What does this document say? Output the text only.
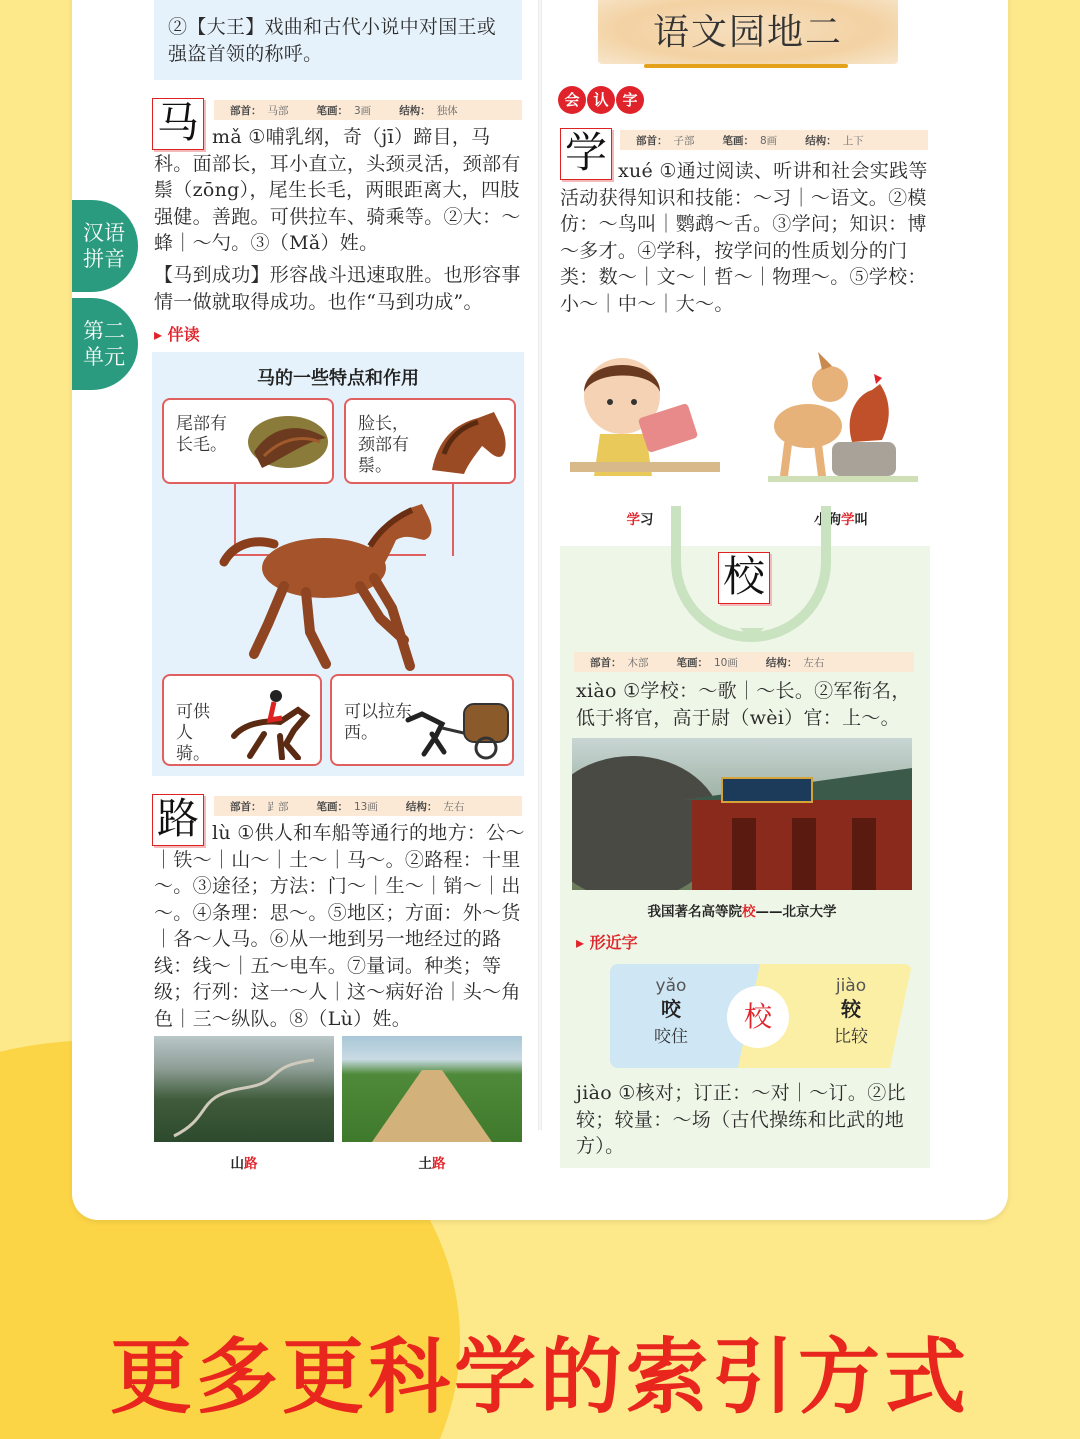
汉语拼音
第二单元
②【大王】戏曲和古代小说中对国王或强盗首领的称呼。
马	部首： 马部	笔画： 3画	结构： 独体
mǎ ①哺乳纲，奇（jī）蹄目，马科。面部长，耳小直立，头颈灵活，颈部有鬃（zōng），尾生长毛，两眼距离大，四肢强健。善跑。可供拉车、骑乘等。②大：～蜂｜～勺。③（Mǎ）姓。
【马到成功】形容战斗迅速取胜。也形容事情一做就取得成功。也作“马到功成”。
▸ 伴读
马的一些特点和作用
尾部有长毛。
脸长，颈部有鬃。
可供人骑。
可以拉东西。
路	部首： 𧾷部	笔画： 13画	结构： 左右
lù ①供人和车船等通行的地方：公～｜铁～｜山～｜土～｜马～。②路程：十里～。③途径；方法：门～｜生～｜销～｜出～。④条理：思～。⑤地区；方面：外～货｜各～人马。⑥从一地到另一地经过的路线：线～｜五～电车。⑦量词。种类；等级；行列：这一～人｜这～病好治｜头～角色｜三～纵队。⑧（Lù）姓。
山路	土路
语文园地二
会 认 字
学	部首： 子部	笔画： 8画	结构： 上下
xué ①通过阅读、听讲和社会实践等活动获得知识和技能：～习｜～语文。②模仿：～鸟叫｜鹦鹉～舌。③学问；知识：博～多才。④学科，按学问的性质划分的门类：数～｜文～｜哲～｜物理～。⑤学校：小～｜中～｜大～。
学习	小狗学叫
校
部首： 木部	笔画： 10画	结构： 左右
xiào ①学校：～歌｜～长。②军衔名，低于将官，高于尉（wèi）官：上～。
我国著名高等院校——北京大学
▸ 形近字
yǎo
咬
咬住
校
jiào
较
比较
jiào ①核对；订正：～对｜～订。②比较；较量：～场（古代操练和比武的地方）。
更多更科学的索引方式
